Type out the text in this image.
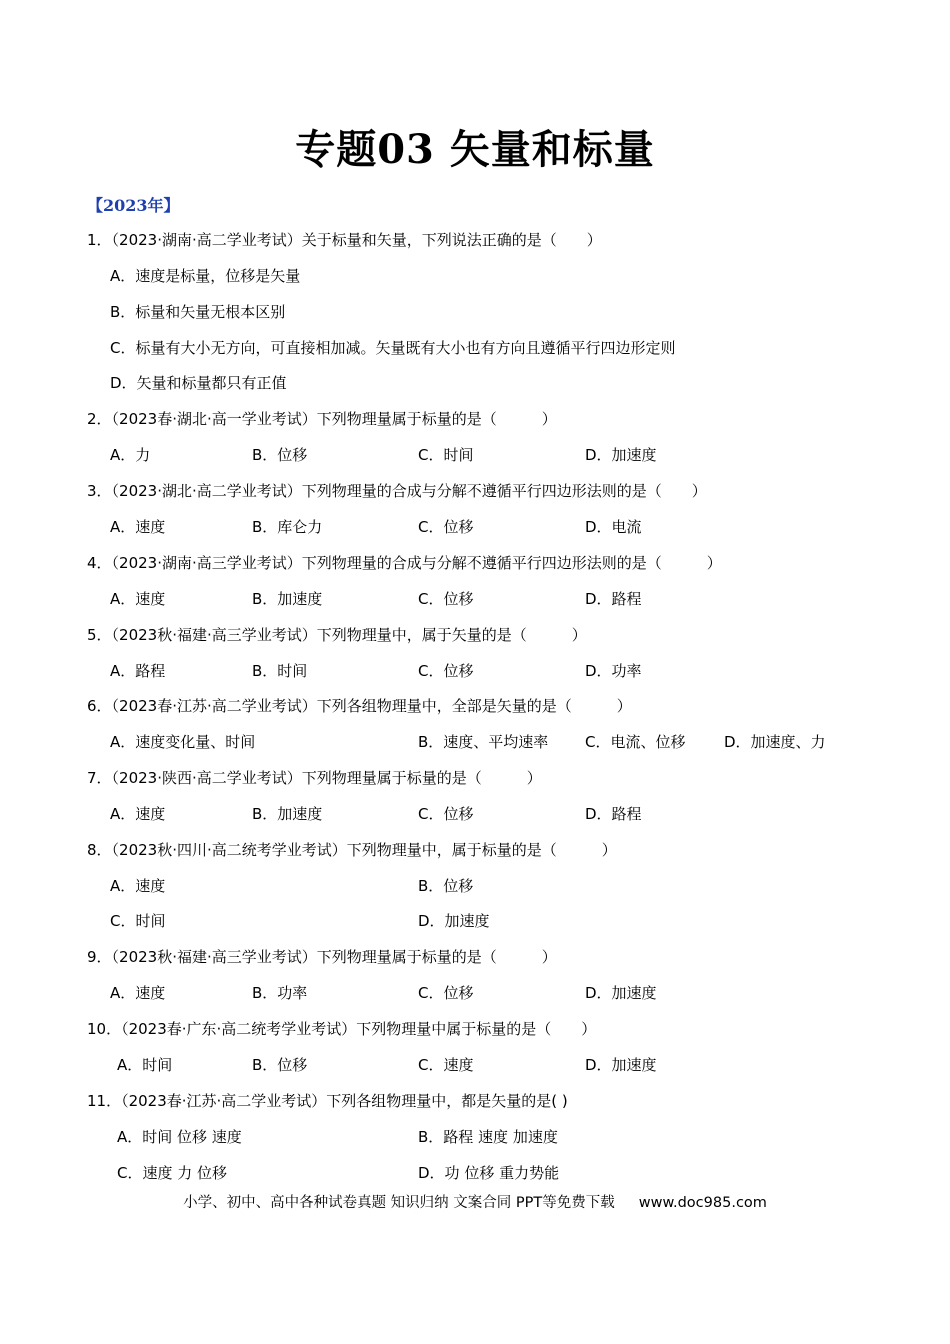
专题03 矢量和标量
【2023年】
1．（2023·湖南·高二学业考试）关于标量和矢量，下列说法正确的是（　　）
A．速度是标量，位移是矢量
B．标量和矢量无根本区别
C．标量有大小无方向，可直接相加减。矢量既有大小也有方向且遵循平行四边形定则
D．矢量和标量都只有正值
2．（2023春·湖北·高一学业考试）下列物理量属于标量的是（　　　）
A．力	B．位移	C．时间	D．加速度
3．（2023·湖北·高二学业考试）下列物理量的合成与分解不遵循平行四边形法则的是（　　）
A．速度	B．库仑力	C．位移	D．电流
4．（2023·湖南·高三学业考试）下列物理量的合成与分解不遵循平行四边形法则的是（　　　）
A．速度	B．加速度	C．位移	D．路程
5．（2023秋·福建·高三学业考试）下列物理量中，属于矢量的是（　　　）
A．路程	B．时间	C．位移	D．功率
6．（2023春·江苏·高二学业考试）下列各组物理量中，全部是矢量的是（　　　）
A．速度变化量、时间	B．速度、平均速率 C．电流、位移	D．加速度、力
7．（2023·陕西·高二学业考试）下列物理量属于标量的是（　　　）
A．速度	B．加速度	C．位移	D．路程
8．（2023秋·四川·高二统考学业考试）下列物理量中，属于标量的是（　　　）
A．速度	B．位移
C．时间	D．加速度
9．（2023秋·福建·高三学业考试）下列物理量属于标量的是（　　　）
A．速度	B．功率	C．位移	D．加速度
10．（2023春·广东·高二统考学业考试）下列物理量中属于标量的是（　　）
A．时间	B．位移	C．速度	D．加速度
11．（2023春·江苏·高二学业考试）下列各组物理量中，都是矢量的是( )
A．时间 位移 速度	B．路程 速度 加速度
C．速度 力 位移	D．功 位移 重力势能
小学、初中、高中各种试卷真题 知识归纳 文案合同 PPT等免费下载 www.doc985.com
